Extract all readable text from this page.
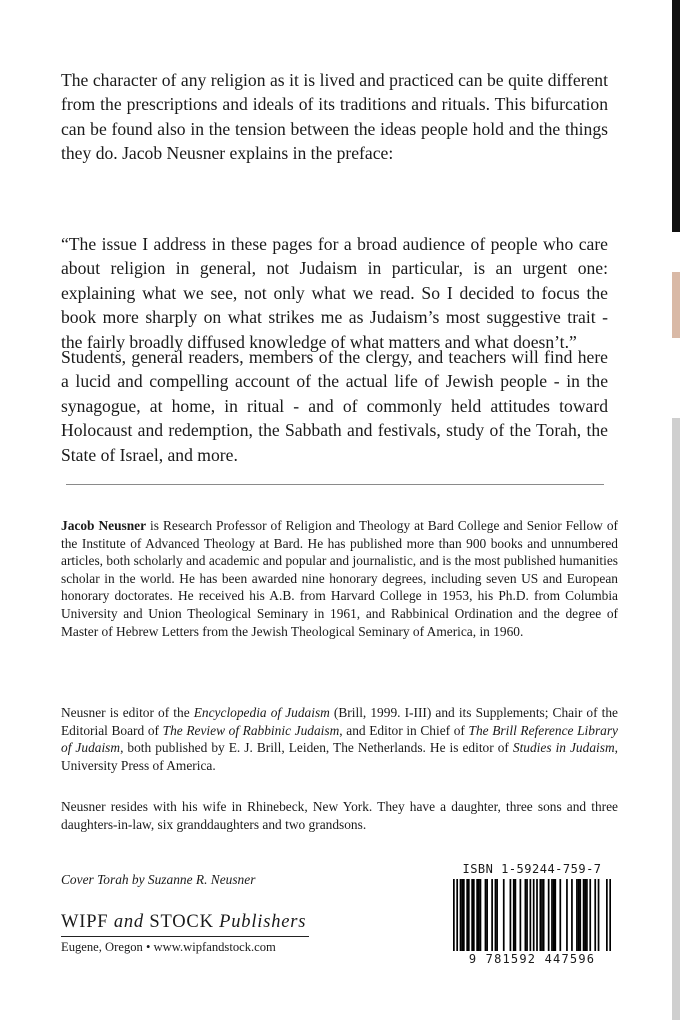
The character of any religion as it is lived and practiced can be quite different from the prescriptions and ideals of its traditions and rituals. This bifurcation can be found also in the tension between the ideas people hold and the things they do. Jacob Neusner explains in the preface:

“The issue I address in these pages for a broad audience of people who care about religion in general, not Judaism in particular, is an urgent one: explaining what we see, not only what we read. So I decided to focus the book more sharply on what strikes me as Judaism’s most suggestive trait - the fairly broadly diffused knowledge of what matters and what doesn’t.”

Students, general readers, members of the clergy, and teachers will find here a lucid and compelling account of the actual life of Jewish people - in the synagogue, at home, in ritual - and of commonly held attitudes toward Holocaust and redemption, the Sabbath and festivals, study of the Torah, the State of Israel, and more.

Jacob Neusner is Research Professor of Religion and Theology at Bard College and Senior Fellow of the Institute of Advanced Theology at Bard. He has published more than 900 books and unnumbered articles, both scholarly and academic and popular and journalistic, and is the most published humanities scholar in the world. He has been awarded nine honorary degrees, including seven US and European honorary doctorates. He received his A.B. from Harvard College in 1953, his Ph.D. from Columbia University and Union Theological Seminary in 1961, and Rabbinical Ordination and the degree of Master of Hebrew Letters from the Jewish Theological Seminary of America, in 1960.

Neusner is editor of the Encyclopedia of Judaism (Brill, 1999. I-III) and its Supplements; Chair of the Editorial Board of The Review of Rabbinic Judaism, and Editor in Chief of The Brill Reference Library of Judaism, both published by E. J. Brill, Leiden, The Netherlands. He is editor of Studies in Judaism, University Press of America.

Neusner resides with his wife in Rhinebeck, New York. They have a daughter, three sons and three daughters-in-law, six granddaughters and two grandsons.

Cover Torah by Suzanne R. Neusner
WIPF and STOCK Publishers
Eugene, Oregon • www.wipfandstock.com
ISBN 1-59244-759-7
9 781592 447596
